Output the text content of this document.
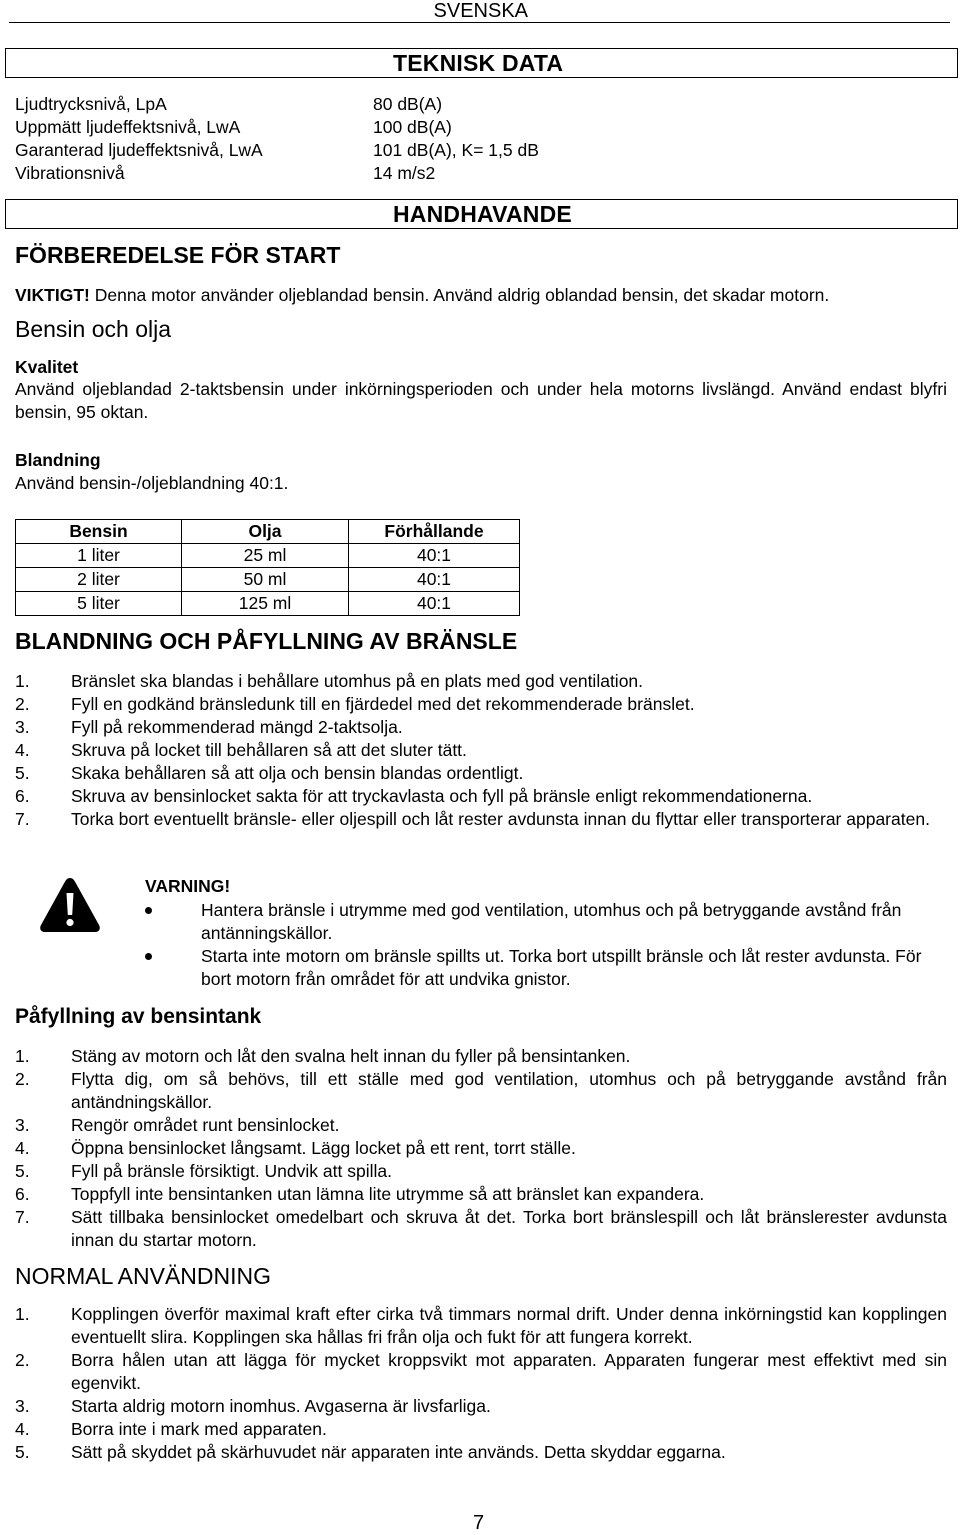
SVENSKA
TEKNISK DATA
Ljudtrycksnivå, LpA	80 dB(A)
Uppmätt ljudeffektsnivå, LwA	100 dB(A)
Garanterad ljudeffektsnivå, LwA	101 dB(A), K= 1,5 dB
Vibrationsnivå	14 m/s2
HANDHAVANDE
FÖRBEREDELSE FÖR START
VIKTIGT! Denna motor använder oljeblandad bensin. Använd aldrig oblandad bensin, det skadar motorn.
Bensin och olja
Kvalitet
Använd oljeblandad 2-taktsbensin under inkörningsperioden och under hela motorns livslängd. Använd endast blyfri bensin, 95 oktan.
Blandning
Använd bensin-/oljeblandning 40:1.
Bensin	Olja	Förhållande
1 liter	25 ml	40:1
2 liter	50 ml	40:1
5 liter	125 ml	40:1
BLANDNING OCH PÅFYLLNING AV BRÄNSLE
1. Bränslet ska blandas i behållare utomhus på en plats med god ventilation.
2. Fyll en godkänd bränsledunk till en fjärdedel med det rekommenderade bränslet.
3. Fyll på rekommenderad mängd 2-taktsolja.
4. Skruva på locket till behållaren så att det sluter tätt.
5. Skaka behållaren så att olja och bensin blandas ordentligt.
6. Skruva av bensinlocket sakta för att tryckavlasta och fyll på bränsle enligt rekommendationerna.
7. Torka bort eventuellt bränsle- eller oljespill och låt rester avdunsta innan du flyttar eller transporterar apparaten.
VARNING!
Hantera bränsle i utrymme med god ventilation, utomhus och på betryggande avstånd från antänningskällor.
Starta inte motorn om bränsle spillts ut. Torka bort utspillt bränsle och låt rester avdunsta. För bort motorn från området för att undvika gnistor.
Påfyllning av bensintank
1. Stäng av motorn och låt den svalna helt innan du fyller på bensintanken.
2. Flytta dig, om så behövs, till ett ställe med god ventilation, utomhus och på betryggande avstånd från antändningskällor.
3. Rengör området runt bensinlocket.
4. Öppna bensinlocket långsamt. Lägg locket på ett rent, torrt ställe.
5. Fyll på bränsle försiktigt. Undvik att spilla.
6. Toppfyll inte bensintanken utan lämna lite utrymme så att bränslet kan expandera.
7. Sätt tillbaka bensinlocket omedelbart och skruva åt det. Torka bort bränslespill och låt bränslerester avdunsta innan du startar motorn.
NORMAL ANVÄNDNING
1. Kopplingen överför maximal kraft efter cirka två timmars normal drift. Under denna inkörningstid kan kopplingen eventuellt slira. Kopplingen ska hållas fri från olja och fukt för att fungera korrekt.
2. Borra hålen utan att lägga för mycket kroppsvikt mot apparaten. Apparaten fungerar mest effektivt med sin egenvikt.
3. Starta aldrig motorn inomhus. Avgaserna är livsfarliga.
4. Borra inte i mark med apparaten.
5. Sätt på skyddet på skärhuvudet när apparaten inte används. Detta skyddar eggarna.
7
